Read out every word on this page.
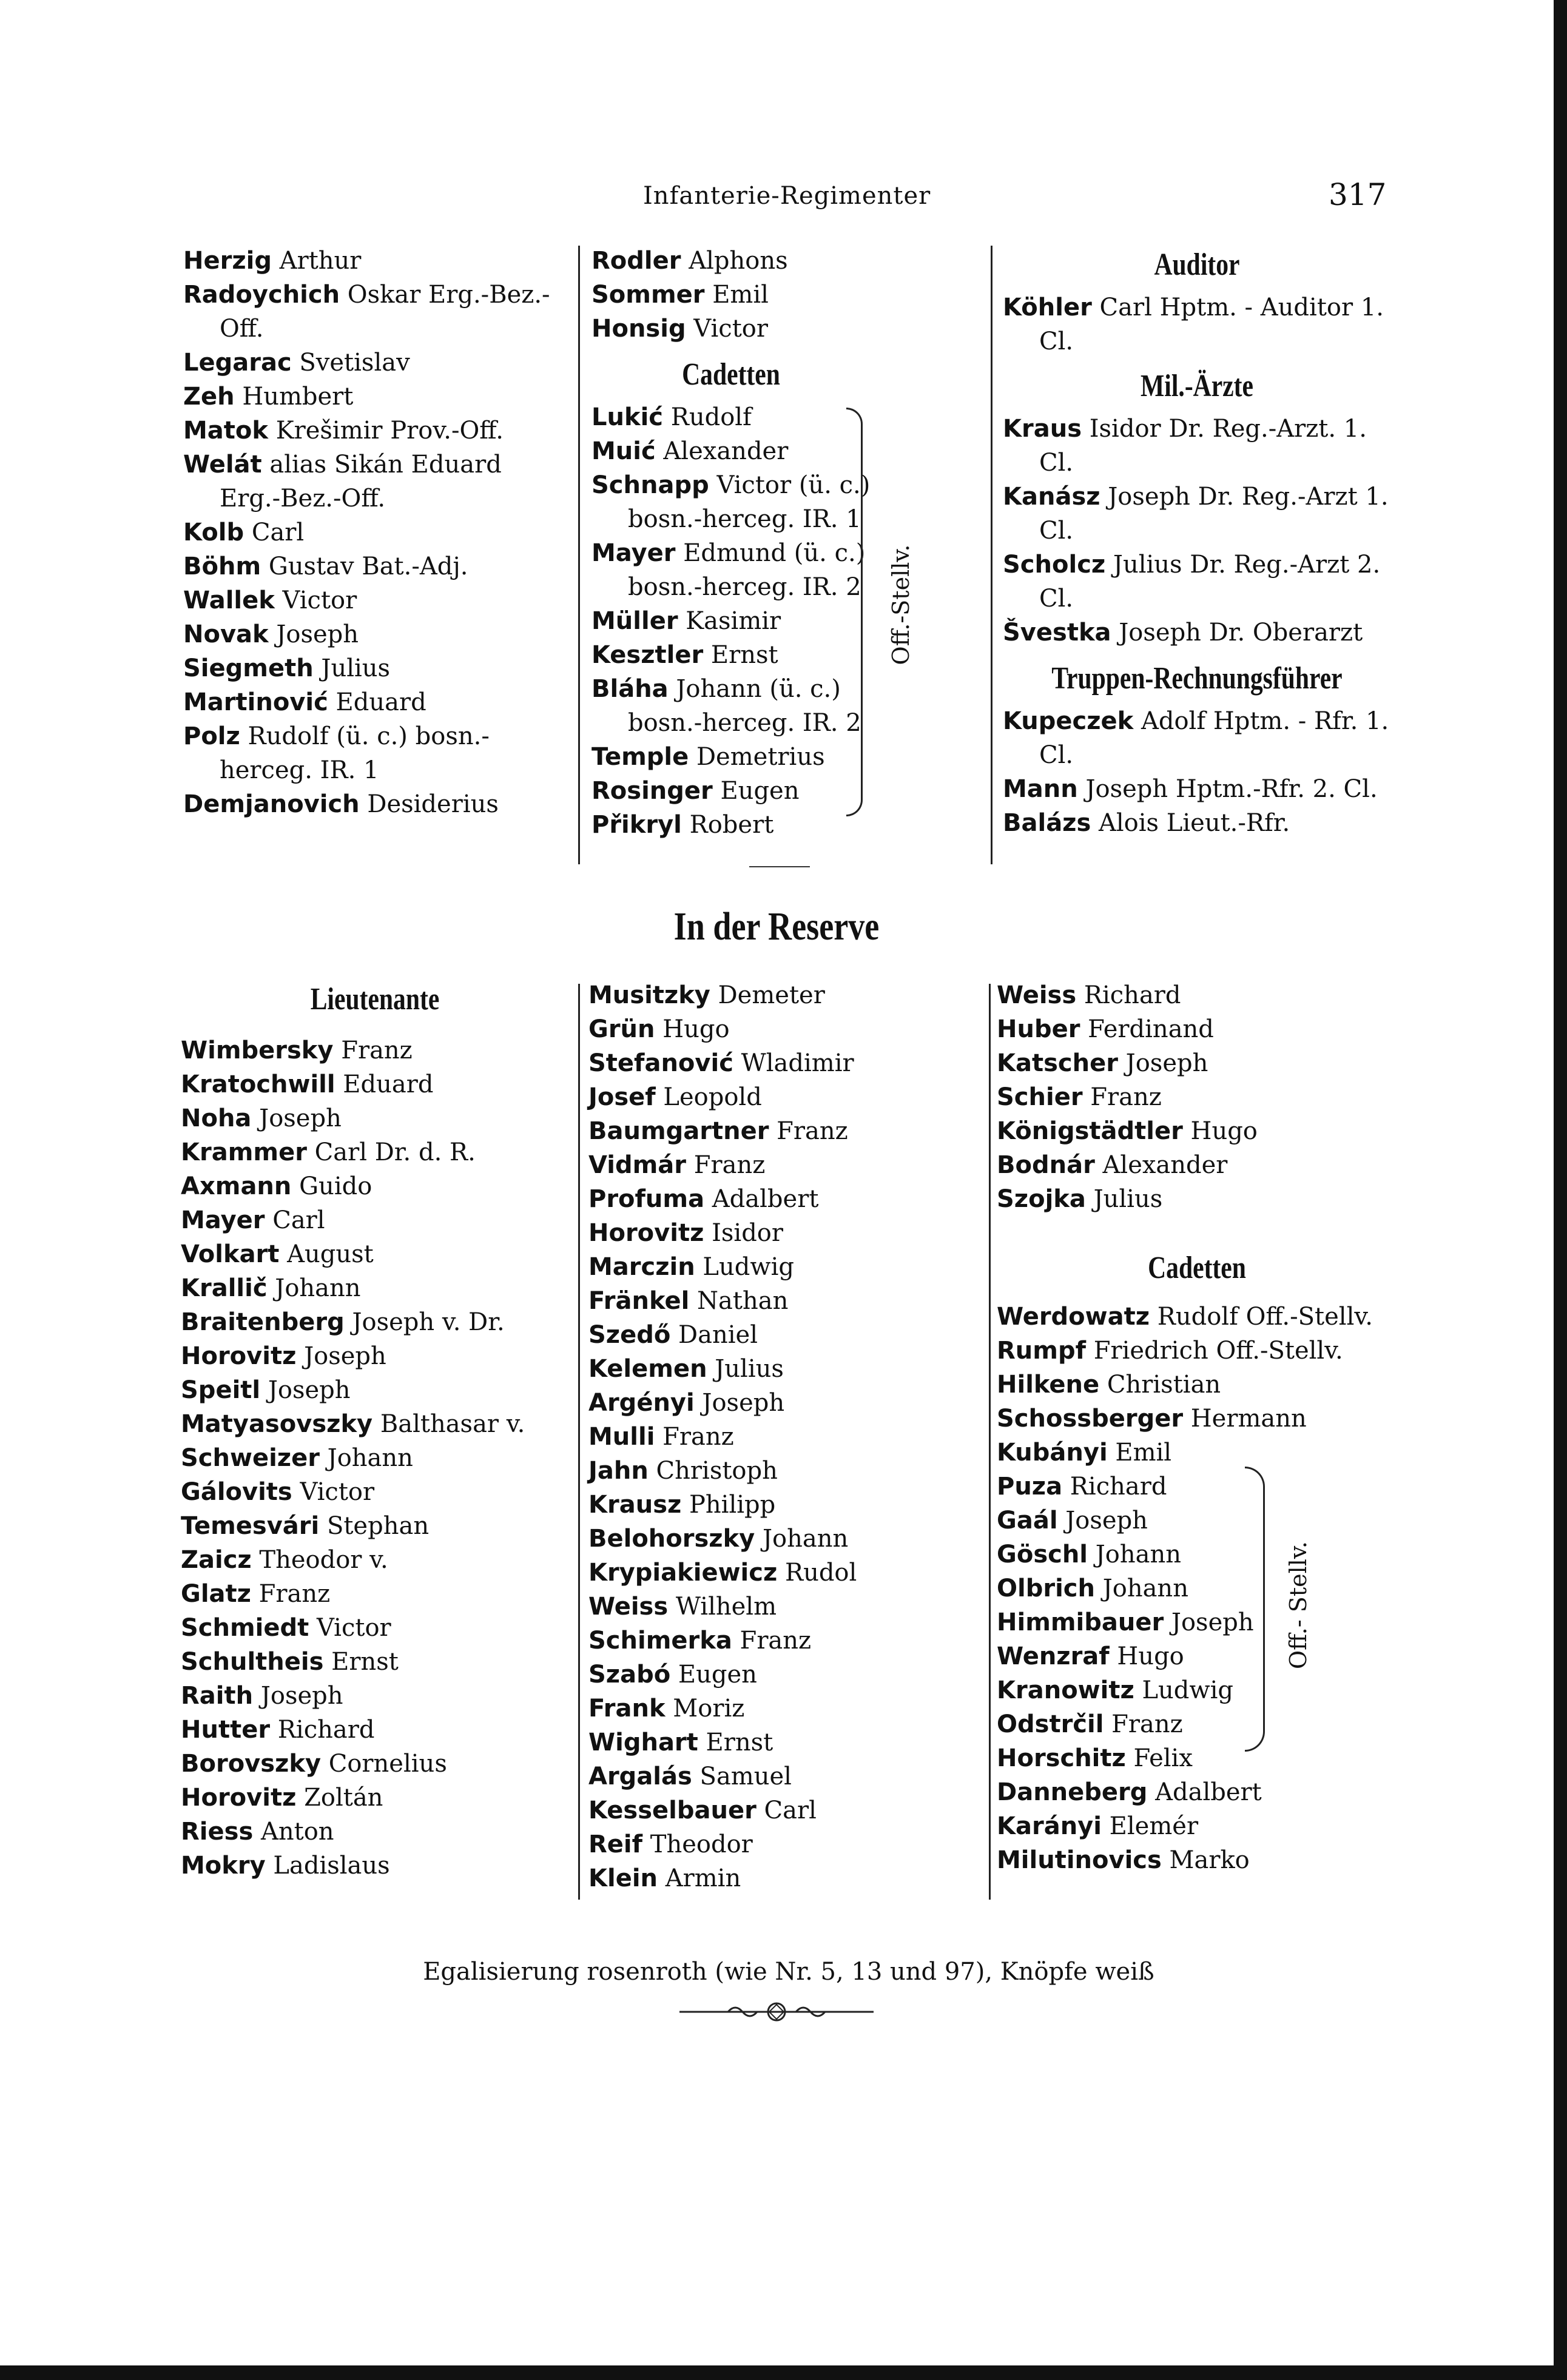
Infanterie-Regimenter	317
Herzig Arthur
Radoychich Oskar Erg.-Bez.-Off.
Legarac Svetislav
Zeh Humbert
Matok Krešimir Prov.-Off.
Welát alias Sikán Eduard Erg.-Bez.-Off.
Kolb Carl
Böhm Gustav Bat.-Adj.
Wallek Victor
Novak Joseph
Siegmeth Julius
Martinović Eduard
Polz Rudolf (ü. c.) bosn.-herceg. IR. 1
Demjanovich Desiderius
Rodler Alphons
Sommer Emil
Honsig Victor
Cadetten
Lukić Rudolf
Muić Alexander
Schnapp Victor (ü. c.) bosn.-herceg. IR. 1
Mayer Edmund (ü. c.) bosn.-herceg. IR. 2
Müller Kasimir
Kesztler Ernst
Bláha Johann (ü. c.) bosn.-herceg. IR. 2
Temple Demetrius
Rosinger Eugen
Přikryl Robert
Off.-Stellv.
Auditor
Köhler Carl Hptm. - Auditor 1. Cl.
Mil.-Ärzte
Kraus Isidor Dr. Reg.-Arzt. 1. Cl.
Kanász Joseph Dr. Reg.-Arzt 1. Cl.
Scholcz Julius Dr. Reg.-Arzt 2. Cl.
Švestka Joseph Dr. Oberarzt
Truppen-Rechnungsführer
Kupeczek Adolf Hptm. - Rfr. 1. Cl.
Mann Joseph Hptm.-Rfr. 2. Cl.
Balázs Alois Lieut.-Rfr.
In der Reserve
Lieutenante
Wimbersky Franz
Kratochwill Eduard
Noha Joseph
Krammer Carl Dr. d. R.
Axmann Guido
Mayer Carl
Volkart August
Krallič Johann
Braitenberg Joseph v. Dr.
Horovitz Joseph
Speitl Joseph
Matyasovszky Balthasar v.
Schweizer Johann
Gálovits Victor
Temesvári Stephan
Zaicz Theodor v.
Glatz Franz
Schmiedt Victor
Schultheis Ernst
Raith Joseph
Hutter Richard
Borovszky Cornelius
Horovitz Zoltán
Riess Anton
Mokry Ladislaus
Musitzky Demeter
Grün Hugo
Stefanović Wladimir
Josef Leopold
Baumgartner Franz
Vidmár Franz
Profuma Adalbert
Horovitz Isidor
Marczin Ludwig
Fränkel Nathan
Szedő Daniel
Kelemen Julius
Argényi Joseph
Mulli Franz
Jahn Christoph
Krausz Philipp
Belohorszky Johann
Krypiakiewicz Rudol
Weiss Wilhelm
Schimerka Franz
Szabó Eugen
Frank Moriz
Wighart Ernst
Argalás Samuel
Kesselbauer Carl
Reif Theodor
Klein Armin
Weiss Richard
Huber Ferdinand
Katscher Joseph
Schier Franz
Königstädtler Hugo
Bodnár Alexander
Szojka Julius
Cadetten
Werdowatz Rudolf Off.-Stellv.
Rumpf Friedrich Off.-Stellv.
Hilkene Christian
Schossberger Hermann
Kubányi Emil
Puza Richard
Gaál Joseph
Göschl Johann
Olbrich Johann
Himmibauer Joseph
Wenzraf Hugo
Kranowitz Ludwig
Odstrčil Franz
Horschitz Felix
Danneberg Adalbert
Karányi Elemér
Milutinovics Marko
Off.- Stellv.
Egalisierung rosenroth (wie Nr. 5, 13 und 97), Knöpfe weiß
